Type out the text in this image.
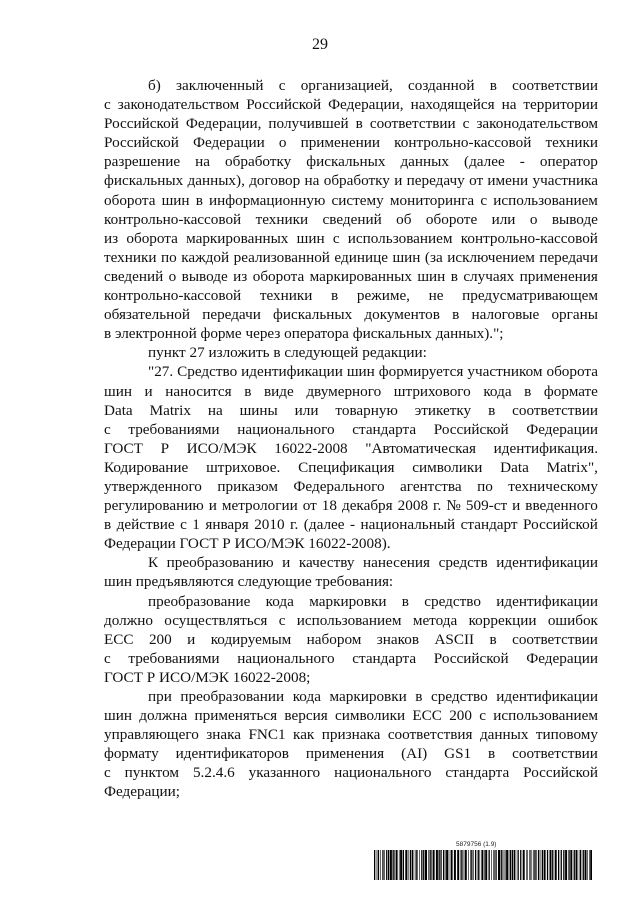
29
б) заключенный с организацией, созданной в соответствии
с законодательством Российской Федерации, находящейся на территории
Российской Федерации, получившей в соответствии с законодательством
Российской Федерации о применении контрольно-кассовой техники
разрешение на обработку фискальных данных (далее - оператор
фискальных данных), договор на обработку и передачу от имени участника
оборота шин в информационную систему мониторинга с использованием
контрольно-кассовой техники сведений об обороте или о выводе
из оборота маркированных шин с использованием контрольно-кассовой
техники по каждой реализованной единице шин (за исключением передачи
сведений о выводе из оборота маркированных шин в случаях применения
контрольно-кассовой техники в режиме, не предусматривающем
обязательной передачи фискальных документов в налоговые органы
в электронной форме через оператора фискальных данных).";
пункт 27 изложить в следующей редакции:
"27. Средство идентификации шин формируется участником оборота
шин и наносится в виде двумерного штрихового кода в формате
Data Matrix на шины или товарную этикетку в соответствии
с требованиями национального стандарта Российской Федерации
ГОСТ Р ИСО/МЭК 16022-2008 "Автоматическая идентификация.
Кодирование штриховое. Спецификация символики Data Matrix",
утвержденного приказом Федерального агентства по техническому
регулированию и метрологии от 18 декабря 2008 г. № 509-ст и введенного
в действие с 1 января 2010 г. (далее - национальный стандарт Российской
Федерации ГОСТ Р ИСО/МЭК 16022-2008).
К преобразованию и качеству нанесения средств идентификации
шин предъявляются следующие требования:
преобразование кода маркировки в средство идентификации
должно осуществляться с использованием метода коррекции ошибок
ЕСС 200 и кодируемым набором знаков ASCII в соответствии
с требованиями национального стандарта Российской Федерации
ГОСТ Р ИСО/МЭК 16022-2008;
при преобразовании кода маркировки в средство идентификации
шин должна применяться версия символики ЕСС 200 с использованием
управляющего знака FNC1 как признака соответствия данных типовому
формату идентификаторов применения (AI) GS1 в соответствии
с пунктом 5.2.4.6 указанного национального стандарта Российской
Федерации;
5879756 (1.9)
